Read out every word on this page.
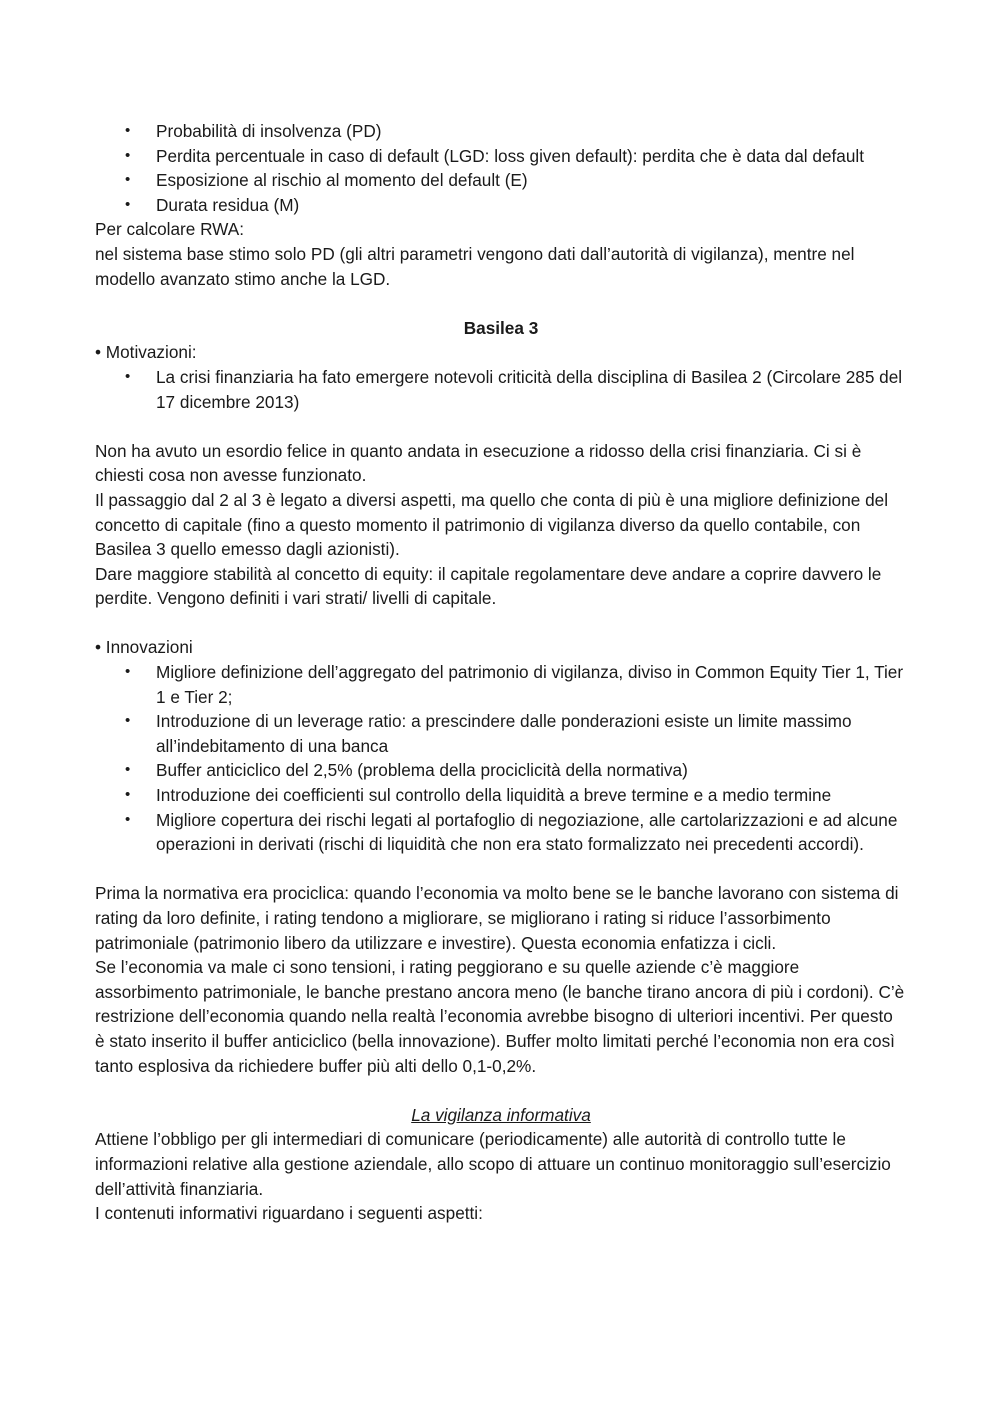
• Probabilità di insolvenza (PD)
• Perdita percentuale in caso di default (LGD: loss given default): perdita che è data dal default
• Esposizione al rischio al momento del default (E)
• Durata residua (M)

Per calcolare RWA:

nel sistema base stimo solo PD (gli altri parametri vengono dati dall’autorità di vigilanza), mentre nel modello avanzato stimo anche la LGD.

Basilea 3

• Motivazioni:

• La crisi finanziaria ha fato emergere notevoli criticità della disciplina di Basilea 2 (Circolare 285 del 17 dicembre 2013)

Non ha avuto un esordio felice in quanto andata in esecuzione a ridosso della crisi finanziaria. Ci si è chiesti cosa non avesse funzionato.

Il passaggio dal 2 al 3 è legato a diversi aspetti, ma quello che conta di più è una migliore definizione del concetto di capitale (fino a questo momento il patrimonio di vigilanza diverso da quello contabile, con Basilea 3 quello emesso dagli azionisti).

Dare maggiore stabilità al concetto di equity: il capitale regolamentare deve andare a coprire davvero le perdite. Vengono definiti i vari strati/ livelli di capitale.

• Innovazioni

• Migliore definizione dell’aggregato del patrimonio di vigilanza, diviso in Common Equity Tier 1, Tier 1 e Tier 2;
• Introduzione di un leverage ratio: a prescindere dalle ponderazioni esiste un limite massimo all’indebitamento di una banca
• Buffer anticiclico del 2,5% (problema della prociclicità della normativa)
• Introduzione dei coefficienti sul controllo della liquidità a breve termine e a medio termine
• Migliore copertura dei rischi legati al portafoglio di negoziazione, alle cartolarizzazioni e ad alcune operazioni in derivati (rischi di liquidità che non era stato formalizzato nei precedenti accordi).

Prima la normativa era prociclica: quando l’economia va molto bene se le banche lavorano con sistema di rating da loro definite, i rating tendono a migliorare, se migliorano i rating si riduce l’assorbimento patrimoniale (patrimonio libero da utilizzare e investire). Questa economia enfatizza i cicli.

Se l’economia va male ci sono tensioni, i rating peggiorano e su quelle aziende c’è maggiore assorbimento patrimoniale, le banche prestano ancora meno (le banche tirano ancora di più i cordoni). C’è restrizione dell’economia quando nella realtà l’economia avrebbe bisogno di ulteriori incentivi. Per questo è stato inserito il buffer anticiclico (bella innovazione). Buffer molto limitati perché l’economia non era così tanto esplosiva da richiedere buffer più alti dello 0,1-0,2%.

La vigilanza informativa

Attiene l’obbligo per gli intermediari di comunicare (periodicamente) alle autorità di controllo tutte le informazioni relative alla gestione aziendale, allo scopo di attuare un continuo monitoraggio sull’esercizio dell’attività finanziaria.

I contenuti informativi riguardano i seguenti aspetti:
